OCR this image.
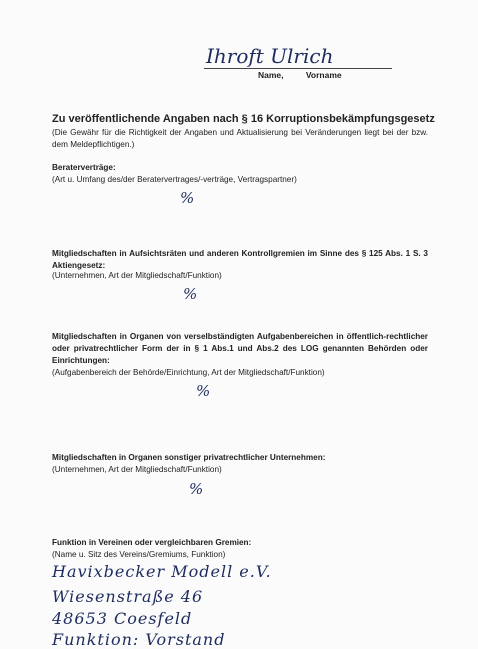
Ihroft Ulrich
Name,	Vorname
Zu veröffentlichende Angaben nach § 16 Korruptionsbekämpfungsgesetz
(Die Gewähr für die Richtigkeit der Angaben und Aktualisierung bei Veränderungen liegt bei der bzw. dem Meldepflichtigen.)
Beraterverträge:
(Art u. Umfang des/der Beratervertrages/-verträge, Vertragspartner)
%
Mitgliedschaften in Aufsichtsräten und anderen Kontrollgremien im Sinne des § 125 Abs. 1 S. 3 Aktiengesetz:
(Unternehmen, Art der Mitgliedschaft/Funktion)
%
Mitgliedschaften in Organen von verselbständigten Aufgabenbereichen in öffentlich-rechtlicher oder privatrechtlicher Form der in § 1 Abs.1 und Abs.2 des LOG genannten Behörden oder Einrichtungen:
(Aufgabenbereich der Behörde/Einrichtung, Art der Mitgliedschaft/Funktion)
%
Mitgliedschaften in Organen sonstiger privatrechtlicher Unternehmen:
(Unternehmen, Art der Mitgliedschaft/Funktion)
%
Funktion in Vereinen oder vergleichbaren Gremien:
(Name u. Sitz des Vereins/Gremiums, Funktion)
Havixbecker Modell e.V.
Wiesenstraße 46
48653 Coesfeld
Funktion: Vorstand
